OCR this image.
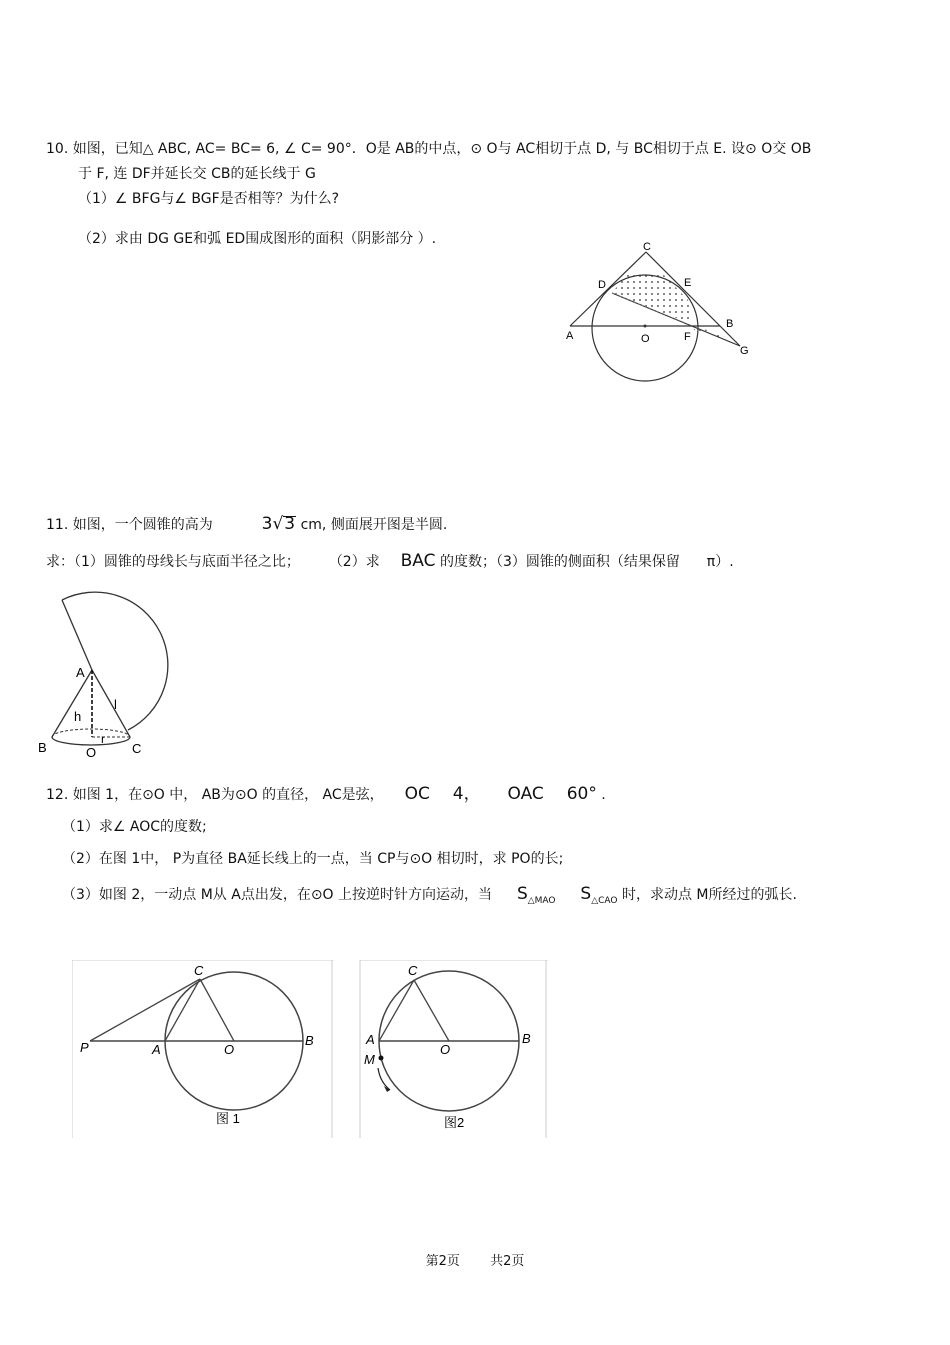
10. 如图，已知△ ABC, AC= BC= 6, ∠ C= 90°．O是 AB的中点，⊙ O与 AC相切于点 D, 与 BC相切于点 E. 设⊙ O交 OB
于 F, 连 DF并延长交 CB的延长线于 G
（1）∠ BFG与∠ BGF是否相等？为什么?
（2）求由 DG GE和弧 ED围成图形的面积（阴影部分 ）.	C
D	E
A	O	F
B
G
11. 如图，一个圆锥的高为	3√3 cm, 侧面展开图是半圆.
求：（1）圆锥的母线长与底面半径之比； （2）求 BAC 的度数；（3）圆锥的侧面积（结果保留 π）.
A
l
h
r
B	O	C
12. 如图 1，在⊙O 中， AB为⊙O 的直径， AC是弦， OC 4， OAC 60° .
（1）求∠ AOC的度数;
（2）在图 1中， P为直径 BA延长线上的一点，当 CP与⊙O 相切时，求 PO的长;
（3）如图 2，一动点 M从 A点出发，在⊙O 上按逆时针方向运动，当 $S_{\triangle MAO}$ $S_{\triangle CAO}$ 时，求动点 M所经过的弧长.
P	A	O
B
C
图 1
A
O
B
C
M
图2
第2页 共2页
